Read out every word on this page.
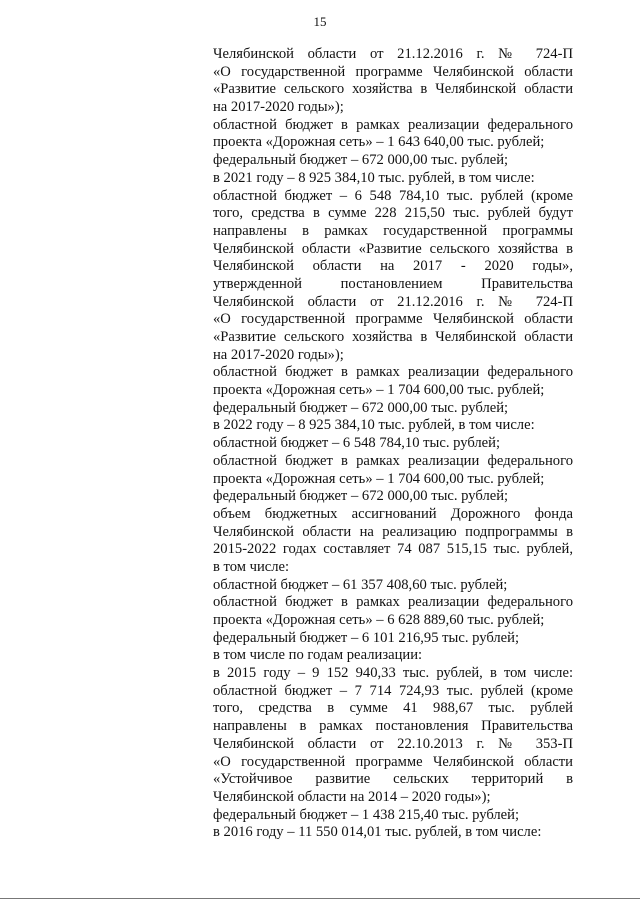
15
Челябинской области от 21.12.2016 г. № 724-П
«О государственной программе Челябинской области
«Развитие сельского хозяйства в Челябинской области
на 2017-2020 годы»);
областной бюджет в рамках реализации федерального
проекта «Дорожная сеть» – 1 643 640,00 тыс. рублей;
федеральный бюджет – 672 000,00 тыс. рублей;
в 2021 году – 8 925 384,10 тыс. рублей, в том числе:
областной бюджет – 6 548 784,10 тыс. рублей (кроме
того, средства в сумме 228 215,50 тыс. рублей будут
направлены в рамках государственной программы
Челябинской области «Развитие сельского хозяйства в
Челябинской области на 2017 - 2020 годы»,
утвержденной постановлением Правительства
Челябинской области от 21.12.2016 г. № 724-П
«О государственной программе Челябинской области
«Развитие сельского хозяйства в Челябинской области
на 2017-2020 годы»);
областной бюджет в рамках реализации федерального
проекта «Дорожная сеть» – 1 704 600,00 тыс. рублей;
федеральный бюджет – 672 000,00 тыс. рублей;
в 2022 году – 8 925 384,10 тыс. рублей, в том числе:
областной бюджет – 6 548 784,10 тыс. рублей;
областной бюджет в рамках реализации федерального
проекта «Дорожная сеть» – 1 704 600,00 тыс. рублей;
федеральный бюджет – 672 000,00 тыс. рублей;
объем бюджетных ассигнований Дорожного фонда
Челябинской области на реализацию подпрограммы в
2015-2022 годах составляет 74 087 515,15 тыс. рублей,
в том числе:
областной бюджет – 61 357 408,60 тыс. рублей;
областной бюджет в рамках реализации федерального
проекта «Дорожная сеть» – 6 628 889,60 тыс. рублей;
федеральный бюджет – 6 101 216,95 тыс. рублей;
в том числе по годам реализации:
в 2015 году – 9 152 940,33 тыс. рублей, в том числе:
областной бюджет – 7 714 724,93 тыс. рублей (кроме
того, средства в сумме 41 988,67 тыс. рублей
направлены в рамках постановления Правительства
Челябинской области от 22.10.2013 г. № 353-П
«О государственной программе Челябинской области
«Устойчивое развитие сельских территорий в
Челябинской области на 2014 – 2020 годы»);
федеральный бюджет – 1 438 215,40 тыс. рублей;
в 2016 году – 11 550 014,01 тыс. рублей, в том числе:
